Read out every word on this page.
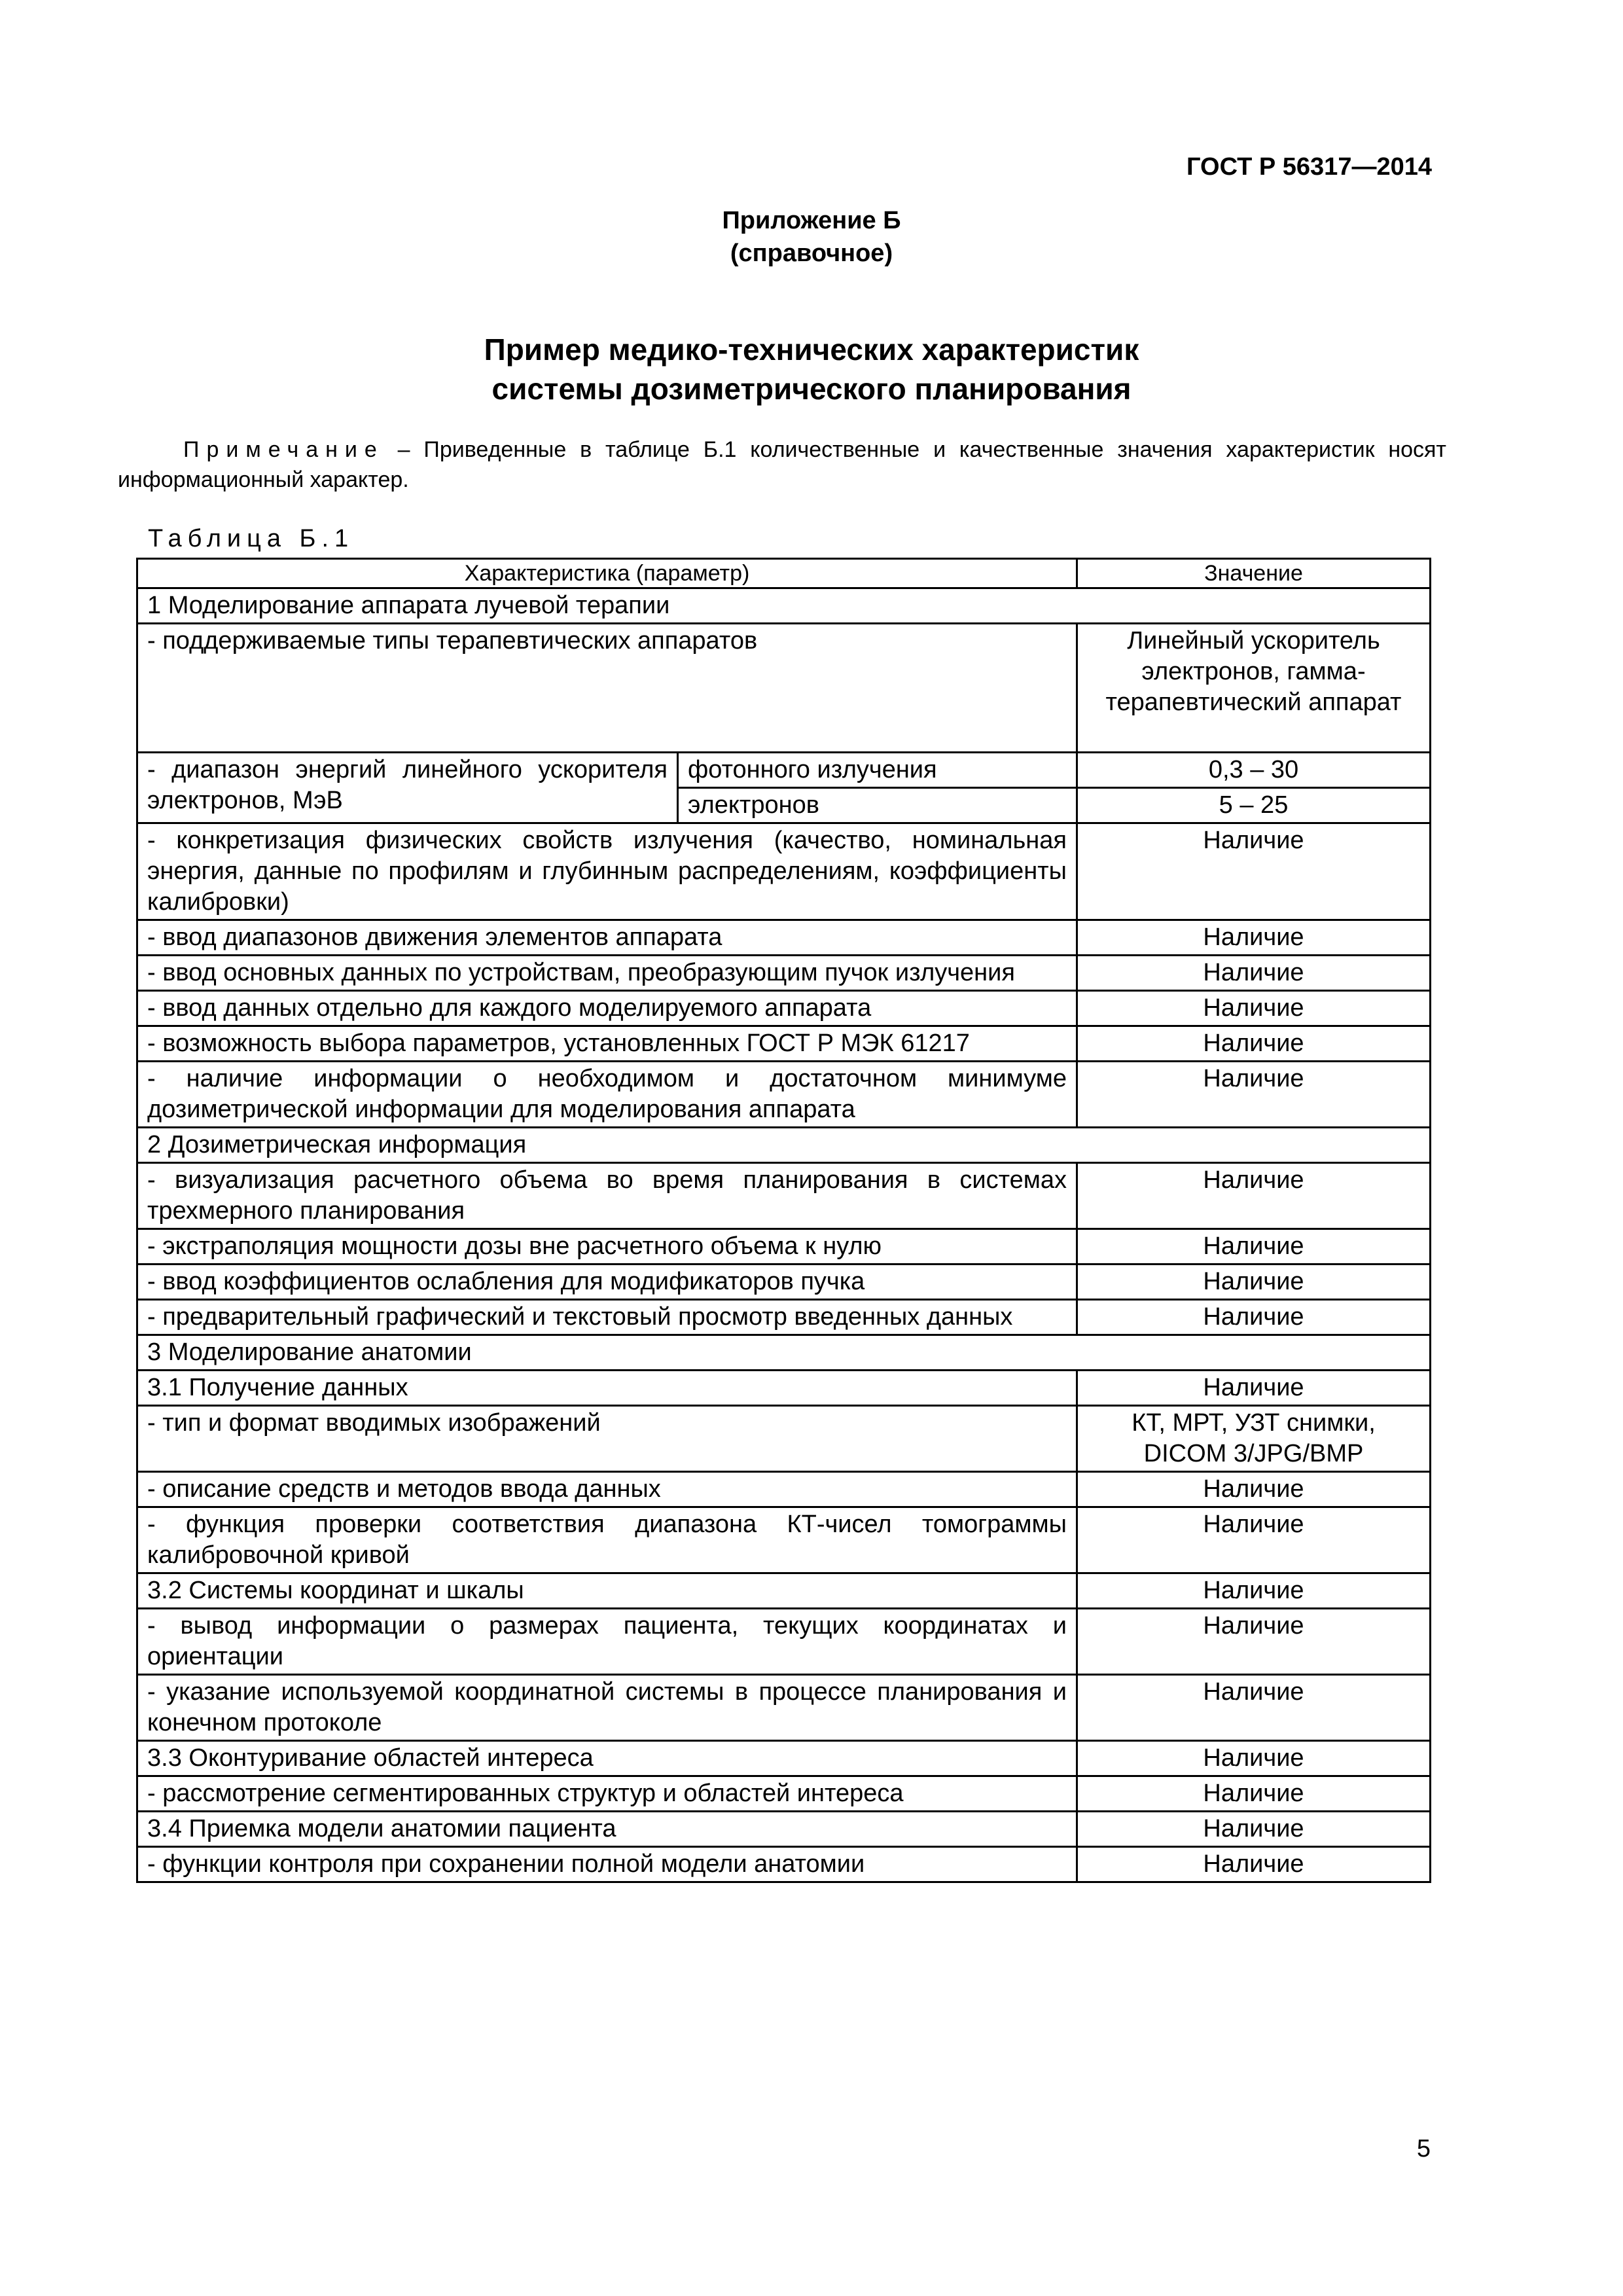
ГОСТ Р 56317—2014
Приложение Б
(справочное)
Пример медико-технических характеристик
системы дозиметрического планирования
Примечание – Приведенные в таблице Б.1 количественные и качественные значения характеристик носят информационный характер.
Таблица Б.1
Характеристика (параметр)		Значение
1 Моделирование аппарата лучевой терапии		
- поддерживаемые типы терапевтических аппаратов		Линейный ускоритель электронов, гамма-терапевтический аппарат
- диапазон энергий линейного ускорителя электронов, МэВ	фотонного излучения	0,3 – 30
	электронов	5 – 25
- конкретизация физических свойств излучения (качество, номинальная энергия, данные по профилям и глубинным распределениям, коэффициенты калибровки)		Наличие
- ввод диапазонов движения элементов аппарата		Наличие
- ввод основных данных по устройствам, преобразующим пучок излучения		Наличие
- ввод данных отдельно для каждого моделируемого аппарата		Наличие
- возможность выбора параметров, установленных ГОСТ Р МЭК 61217		Наличие
- наличие информации о необходимом и достаточном минимуме дозиметрической информации для моделирования аппарата		Наличие
2 Дозиметрическая информация		
- визуализация расчетного объема во время планирования в системах трехмерного планирования		Наличие
- экстраполяция мощности дозы вне расчетного объема к нулю		Наличие
- ввод коэффициентов ослабления для модификаторов пучка		Наличие
- предварительный графический и текстовый просмотр введенных данных		Наличие
3 Моделирование анатомии		
3.1 Получение данных		Наличие
- тип и формат вводимых изображений		КТ, МРТ, УЗТ снимки, DICOM 3/JPG/BMP
- описание средств и методов ввода данных		Наличие
- функция проверки соответствия диапазона КТ-чисел томограммы калибровочной кривой		Наличие
3.2 Системы координат и шкалы		Наличие
- вывод информации о размерах пациента, текущих координатах и ориентации		Наличие
- указание используемой координатной системы в процессе планирования и конечном протоколе		Наличие
3.3 Оконтуривание областей интереса		Наличие
- рассмотрение сегментированных структур и областей интереса		Наличие
3.4 Приемка модели анатомии пациента		Наличие
- функции контроля при сохранении полной модели анатомии		Наличие
5
